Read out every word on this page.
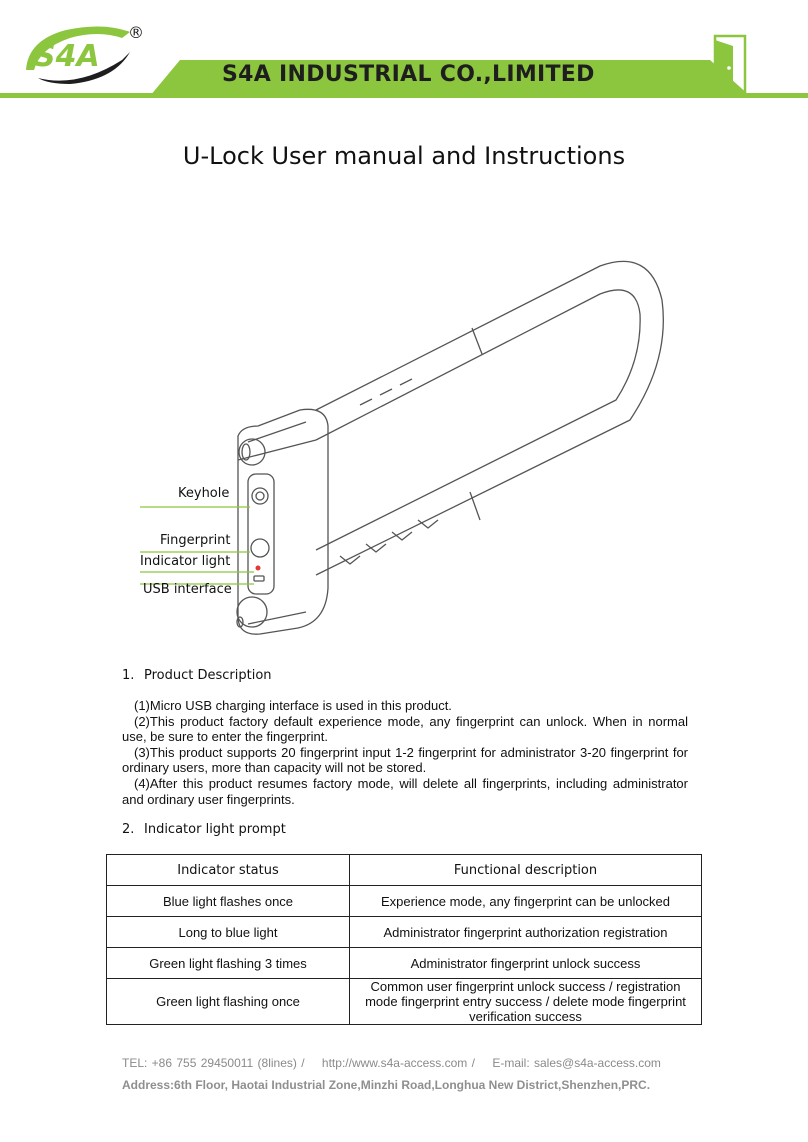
S4A INDUSTRIAL CO.,LIMITED
S4A
®
U-Lock User manual and Instructions
Keyhole
Fingerprint
Indicator light
USB interface
1. Product Description

(1)Micro USB charging interface is used in this product.

(2)This product factory default experience mode, any fingerprint can unlock. When in normal use, be sure to enter the fingerprint.

(3)This product supports 20 fingerprint input 1-2 fingerprint for administrator 3-20 fingerprint for ordinary users, more than capacity will not be stored.

(4)After this product resumes factory mode, will delete all fingerprints, including administrator and ordinary user fingerprints.

2. Indicator light prompt
Indicator status	Functional description
Blue light flashes once	Experience mode, any fingerprint can be unlocked
Long to blue light	Administrator fingerprint authorization registration
Green light flashing 3 times	Administrator fingerprint unlock success
Green light flashing once	Common user fingerprint unlock success / registration mode fingerprint entry success / delete mode fingerprint verification success
TEL: +86 755 29450011 (8lines) / http://www.s4a-access.com / E-mail: sales@s4a-access.com
Address:6th Floor, Haotai Industrial Zone,Minzhi Road,Longhua New District,Shenzhen,PRC.
